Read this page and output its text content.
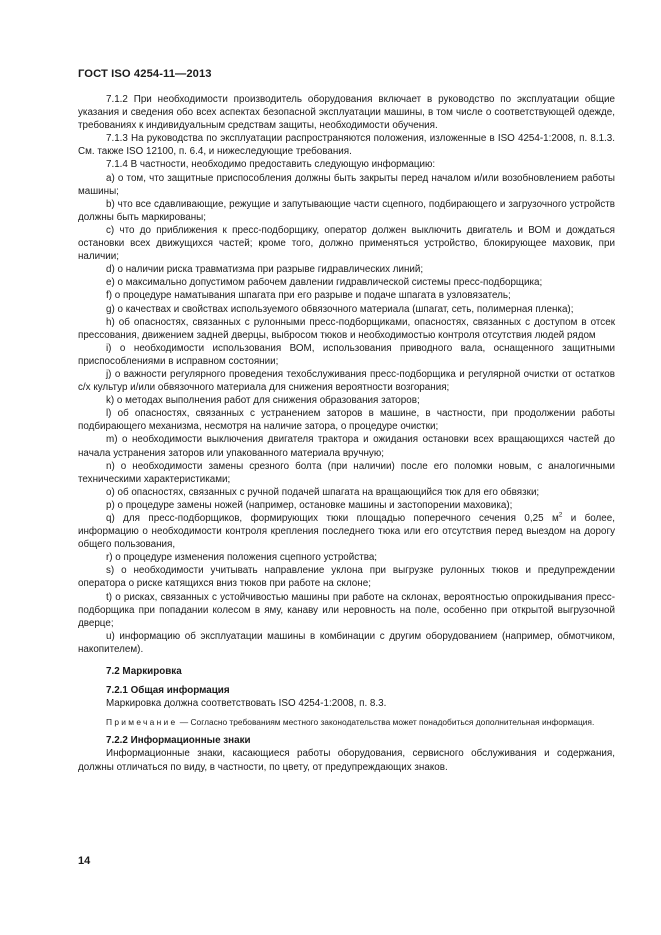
ГОСТ ISO 4254-11—2013

7.1.2 При необходимости производитель оборудования включает в руководство по эксплуатации общие указания и сведения обо всех аспектах безопасной эксплуатации машины, в том числе о соответствующей одежде, требованиях к индивидуальным средствам защиты, необходимости обучения.

7.1.3 На руководства по эксплуатации распространяются положения, изложенные в ISO 4254-1:2008, п. 8.1.3. См. также ISO 12100, п. 6.4, и нижеследующие требования.

7.1.4 В частности, необходимо предоставить следующую информацию:

a) о том, что защитные приспособления должны быть закрыты перед началом и/или возобновлением работы машины;

b) что все сдавливающие, режущие и запутывающие части сцепного, подбирающего и загрузочного устройств должны быть маркированы;

c) что до приближения к пресс-подборщику, оператор должен выключить двигатель и ВОМ и дождаться остановки всех движущихся частей; кроме того, должно применяться устройство, блокирующее маховик, при наличии;

d) о наличии риска травматизма при разрыве гидравлических линий;

e) о максимально допустимом рабочем давлении гидравлической системы пресс-подборщика;

f) о процедуре наматывания шпагата при его разрыве и подаче шпагата в узловязатель;

g) о качествах и свойствах используемого обвязочного материала (шпагат, сеть, полимерная пленка);

h) об опасностях, связанных с рулонными пресс-подборщиками, опасностях, связанных с доступом в отсек прессования, движением задней дверцы, выбросом тюков и необходимостью контроля отсутствия людей рядом

i) о необходимости использования ВОМ, использования приводного вала, оснащенного защитными приспособлениями в исправном состоянии;

j) о важности регулярного проведения техобслуживания пресс-подборщика и регулярной очистки от остатков с/х культур и/или обвязочного материала для снижения вероятности возгорания;

k) о методах выполнения работ для снижения образования заторов;

l) об опасностях, связанных с устранением заторов в машине, в частности, при продолжении работы подбирающего механизма, несмотря на наличие затора, о процедуре очистки;

m) о необходимости выключения двигателя трактора и ожидания остановки всех вращающихся частей до начала устранения заторов или упакованного материала вручную;

n) о необходимости замены срезного болта (при наличии) после его поломки новым, с аналогичными техническими характеристиками;

o) об опасностях, связанных с ручной подачей шпагата на вращающийся тюк для его обвязки;

p) о процедуре замены ножей (например, остановке машины и застопорении маховика);

q) для пресс-подборщиков, формирующих тюки площадью поперечного сечения 0,25 $м^2$ и более, информацию о необходимости контроля крепления последнего тюка или его отсутствия перед выездом на дорогу общего пользования,

r) о процедуре изменения положения сцепного устройства;

s) о необходимости учитывать направление уклона при выгрузке рулонных тюков и предупреждении оператора о риске катящихся вниз тюков при работе на склоне;

t) о рисках, связанных с устойчивостью машины при работе на склонах, вероятностью опрокидывания пресс-подборщика при попадании колесом в яму, канаву или неровность на поле, особенно при открытой выгрузочной дверце;

u) информацию об эксплуатации машины в комбинации с другим оборудованием (например, обмотчиком, накопителем).

7.2 Маркировка

7.2.1 Общая информация

Маркировка должна соответствовать ISO 4254-1:2008, п. 8.3.

Примечание — Согласно требованиям местного законодательства может понадобиться дополнительная информация.

7.2.2 Информационные знаки

Информационные знаки, касающиеся работы оборудования, сервисного обслуживания и содержания, должны отличаться по виду, в частности, по цвету, от предупреждающих знаков.

14
